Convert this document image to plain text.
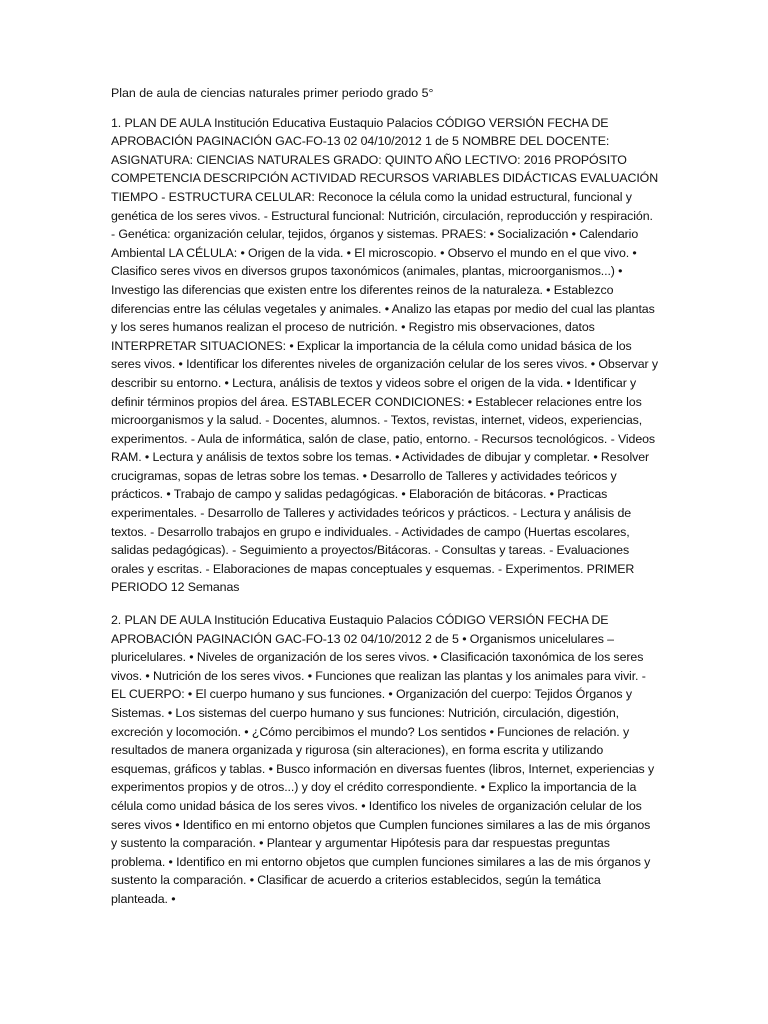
Plan de aula de ciencias naturales primer periodo grado 5°

1. PLAN DE AULA Institución Educativa Eustaquio Palacios CÓDIGO VERSIÓN FECHA DE APROBACIÓN PAGINACIÓN GAC-FO-13 02 04/10/2012 1 de 5 NOMBRE DEL DOCENTE: ASIGNATURA: CIENCIAS NATURALES GRADO: QUINTO AÑO LECTIVO: 2016 PROPÓSITO COMPETENCIA DESCRIPCIÓN ACTIVIDAD RECURSOS VARIABLES DIDÁCTICAS EVALUACIÓN TIEMPO - ESTRUCTURA CELULAR: Reconoce la célula como la unidad estructural, funcional y genética de los seres vivos. - Estructural funcional: Nutrición, circulación, reproducción y respiración. - Genética: organización celular, tejidos, órganos y sistemas. PRAES: • Socialización • Calendario Ambiental LA CÉLULA: • Origen de la vida. • El microscopio. • Observo el mundo en el que vivo. • Clasifico seres vivos en diversos grupos taxonómicos (animales, plantas, microorganismos...) • Investigo las diferencias que existen entre los diferentes reinos de la naturaleza. • Establezco diferencias entre las células vegetales y animales. • Analizo las etapas por medio del cual las plantas y los seres humanos realizan el proceso de nutrición. • Registro mis observaciones, datos INTERPRETAR SITUACIONES: • Explicar la importancia de la célula como unidad básica de los seres vivos. • Identificar los diferentes niveles de organización celular de los seres vivos. • Observar y describir su entorno. • Lectura, análisis de textos y videos sobre el origen de la vida. • Identificar y definir términos propios del área. ESTABLECER CONDICIONES: • Establecer relaciones entre los microorganismos y la salud. - Docentes, alumnos. - Textos, revistas, internet, videos, experiencias, experimentos. - Aula de informática, salón de clase, patio, entorno. - Recursos tecnológicos. - Videos RAM. • Lectura y análisis de textos sobre los temas. • Actividades de dibujar y completar. • Resolver crucigramas, sopas de letras sobre los temas. • Desarrollo de Talleres y actividades teóricos y prácticos. • Trabajo de campo y salidas pedagógicas. • Elaboración de bitácoras. • Practicas experimentales. - Desarrollo de Talleres y actividades teóricos y prácticos. - Lectura y análisis de textos. - Desarrollo trabajos en grupo e individuales. - Actividades de campo (Huertas escolares, salidas pedagógicas). - Seguimiento a proyectos/Bitácoras. - Consultas y tareas. - Evaluaciones orales y escritas. - Elaboraciones de mapas conceptuales y esquemas. - Experimentos. PRIMER PERIODO 12 Semanas

2. PLAN DE AULA Institución Educativa Eustaquio Palacios CÓDIGO VERSIÓN FECHA DE APROBACIÓN PAGINACIÓN GAC-FO-13 02 04/10/2012 2 de 5 • Organismos unicelulares – pluricelulares. • Niveles de organización de los seres vivos. • Clasificación taxonómica de los seres vivos. • Nutrición de los seres vivos. • Funciones que realizan las plantas y los animales para vivir. - EL CUERPO: • El cuerpo humano y sus funciones. • Organización del cuerpo: Tejidos Órganos y Sistemas. • Los sistemas del cuerpo humano y sus funciones: Nutrición, circulación, digestión, excreción y locomoción. • ¿Cómo percibimos el mundo? Los sentidos • Funciones de relación. y resultados de manera organizada y rigurosa (sin alteraciones), en forma escrita y utilizando esquemas, gráficos y tablas. • Busco información en diversas fuentes (libros, Internet, experiencias y experimentos propios y de otros...) y doy el crédito correspondiente. • Explico la importancia de la célula como unidad básica de los seres vivos. • Identifico los niveles de organización celular de los seres vivos • Identifico en mi entorno objetos que Cumplen funciones similares a las de mis órganos y sustento la comparación. • Plantear y argumentar Hipótesis para dar respuestas preguntas problema. • Identifico en mi entorno objetos que cumplen funciones similares a las de mis órganos y sustento la comparación. • Clasificar de acuerdo a criterios establecidos, según la temática planteada. •
